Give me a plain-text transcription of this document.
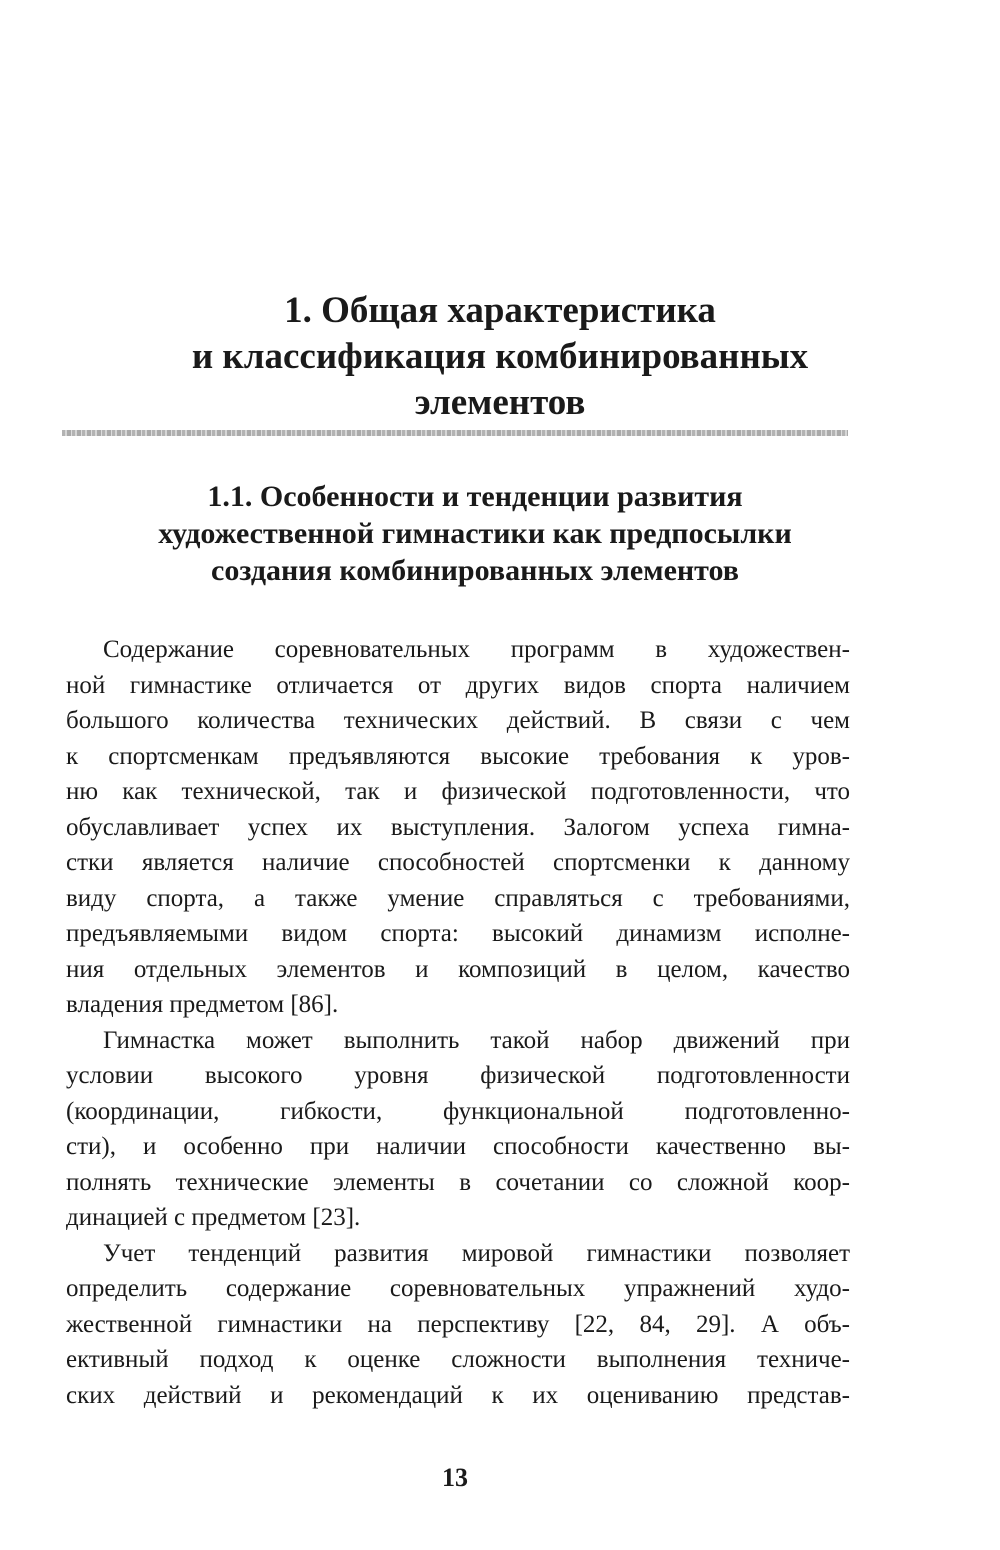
1. Общая характеристика
и классификация комбинированных
элементов
1.1. Особенности и тенденции развития
художественной гимнастики как предпосылки
создания комбинированных элементов

Содержание соревновательных программ в художествен-
ной гимнастике отличается от других видов спорта наличием
большого количества технических действий. В связи с чем
к спортсменкам предъявляются высокие требования к уров-
ню как технической, так и физической подготовленности, что
обуславливает успех их выступления. Залогом успеха гимна-
стки является наличие способностей спортсменки к данному
виду спорта, а также умение справляться с требованиями,
предъявляемыми видом спорта: высокий динамизм исполне-
ния отдельных элементов и композиций в целом, качество
владения предметом [86].

Гимнастка может выполнить такой набор движений при
условии высокого уровня физической подготовленности
(координации, гибкости, функциональной подготовленно-
сти), и особенно при наличии способности качественно вы-
полнять технические элементы в сочетании со сложной коор-
динацией с предметом [23].

Учет тенденций развития мировой гимнастики позволяет
определить содержание соревновательных упражнений худо-
жественной гимнастики на перспективу [22, 84, 29]. А объ-
ективный подход к оценке сложности выполнения техниче-
ских действий и рекомендаций к их оцениванию представ-

13
